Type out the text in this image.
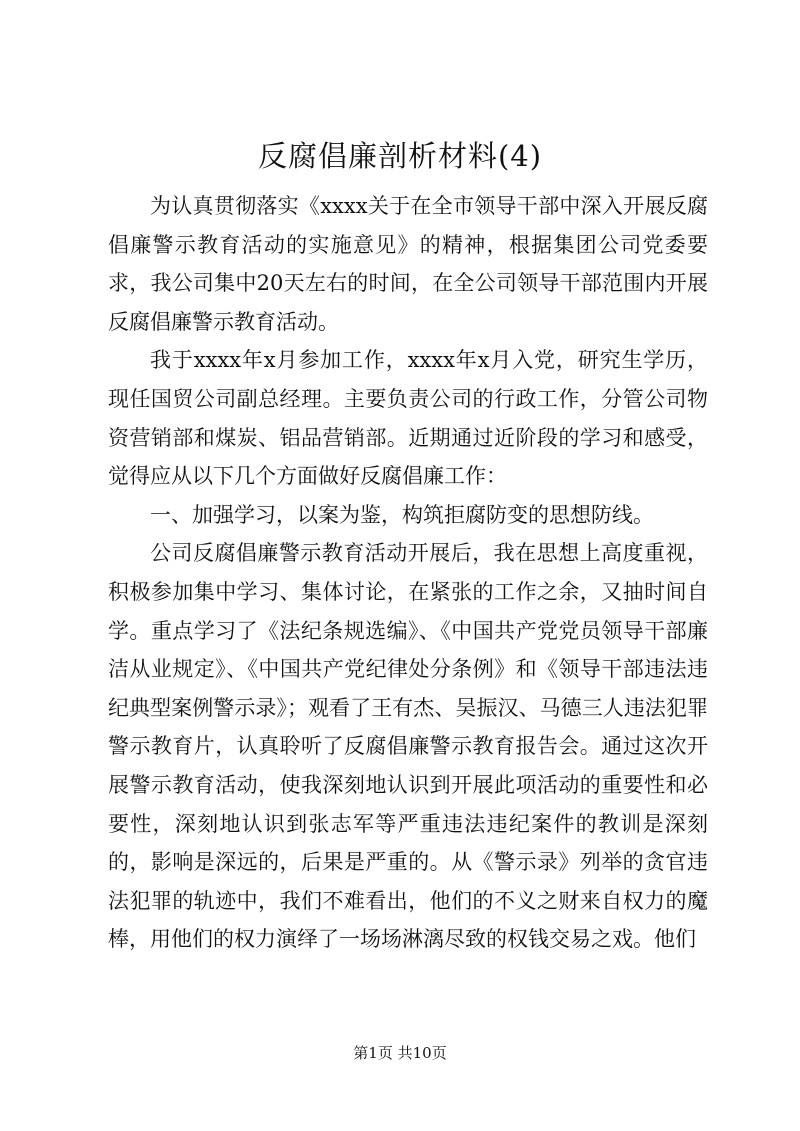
反腐倡廉剖析材料(4)

为认真贯彻落实《xxxx关于在全市领导干部中深入开展反腐倡廉警示教育活动的实施意见》的精神，根据集团公司党委要求，我公司集中20天左右的时间，在全公司领导干部范围内开展反腐倡廉警示教育活动。

我于xxxx年x月参加工作，xxxx年x月入党，研究生学历，现任国贸公司副总经理。主要负责公司的行政工作，分管公司物资营销部和煤炭、铝品营销部。近期通过近阶段的学习和感受，觉得应从以下几个方面做好反腐倡廉工作：

一、加强学习，以案为鉴，构筑拒腐防变的思想防线。

公司反腐倡廉警示教育活动开展后，我在思想上高度重视，积极参加集中学习、集体讨论，在紧张的工作之余，又抽时间自学。重点学习了《法纪条规选编》、《中国共产党党员领导干部廉洁从业规定》、《中国共产党纪律处分条例》和《领导干部违法违纪典型案例警示录》；观看了王有杰、吴振汉、马德三人违法犯罪警示教育片，认真聆听了反腐倡廉警示教育报告会。通过这次开展警示教育活动，使我深刻地认识到开展此项活动的重要性和必要性，深刻地认识到张志军等严重违法违纪案件的教训是深刻的，影响是深远的，后果是严重的。从《警示录》列举的贪官违法犯罪的轨迹中，我们不难看出，他们的不义之财来自权力的魔棒，用他们的权力演绎了一场场淋漓尽致的权钱交易之戏。他们

第1页 共10页
